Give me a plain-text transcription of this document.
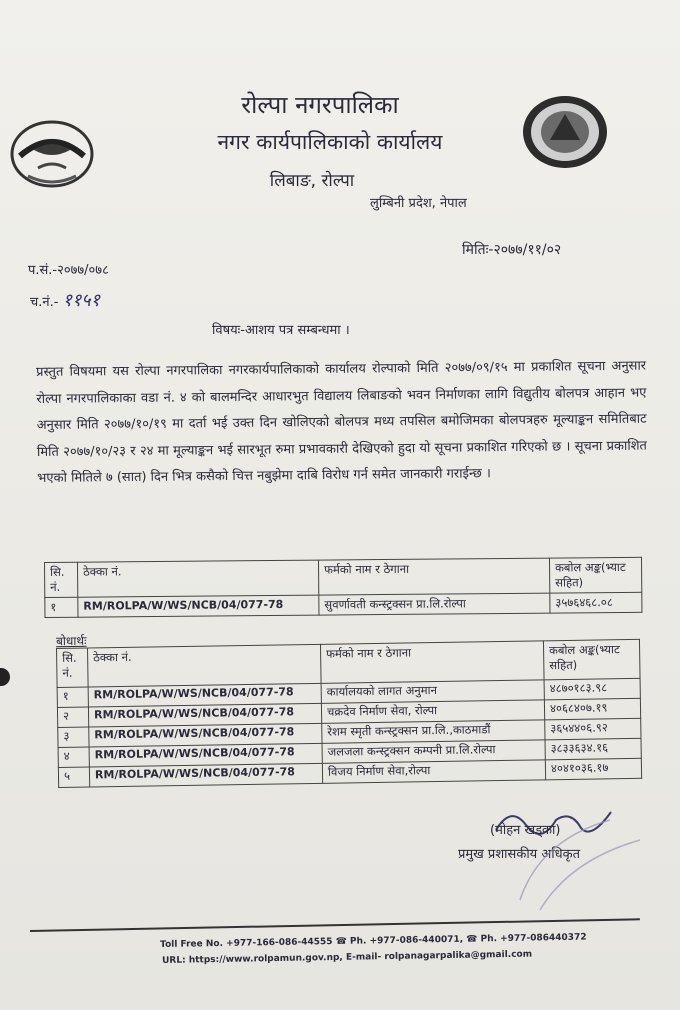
रोल्पा नगरपालिका
नगर कार्यपालिकाको कार्यालय
लिबाङ, रोल्पा
लुम्बिनी प्रदेश, नेपाल
मितिः-२०७७/११/०२
प.सं.-२०७७/०७८
च.नं.- ११५१
विषयः-आशय पत्र सम्बन्धमा ।
प्रस्तुत विषयमा यस रोल्पा नगरपालिका नगरकार्यपालिकाको कार्यालय रोल्पाको मिति २०७७/०९/१५ मा प्रकाशित सूचना अनुसार रोल्पा नगरपालिकाका वडा नं. ४ को बालमन्दिर आधारभुत विद्यालय लिबाङको भवन निर्माणका लागि विद्युतीय बोलपत्र आहान भए अनुसार मिति २०७७/१०/१९ मा दर्ता भई उक्त दिन खोलिएको बोलपत्र मध्य तपसिल बमोजिमका बोलपत्रहरु मूल्याङ्कन समितिबाट मिति २०७७/१०/२३ र २४ मा मूल्याङ्कन भई सारभूत रुमा प्रभावकारी देखिएको हुदा यो सूचना प्रकाशित गरिएको छ । सूचना प्रकाशित भएको मितिले ७ (सात) दिन भित्र कसैको चित्त नबुझेमा दाबि विरोध गर्न समेत जानकारी गराईन्छ ।
सि. नं.	ठेक्का नं.	फर्मको नाम र ठेगाना	कबोल अङ्क(भ्याट सहित)
१	RM/ROLPA/W/WS/NCB/04/077-78	सुवर्णावती कन्स्ट्रक्सन प्रा.लि.रोल्पा	३५७६४६८.०८
बोधार्थः
सि. नं.	ठेक्का नं.	फर्मको नाम र ठेगाना	कबोल अङ्क(भ्याट सहित)
१	RM/ROLPA/W/WS/NCB/04/077-78	कार्यालयको लागत अनुमान	४८७०१८३.९८
२	RM/ROLPA/W/WS/NCB/04/077-78	चक्रदेव निर्माण सेवा, रोल्पा	४०६८४०७.१९
३	RM/ROLPA/W/WS/NCB/04/077-78	रेशम स्मृती कन्स्ट्रक्सन प्रा.लि.,काठमाडौं	३६५४४०६.९२
४	RM/ROLPA/W/WS/NCB/04/077-78	जलजला कन्स्ट्रक्सन कम्पनी प्रा.लि.रोल्पा	३८३३६३४.१६
५	RM/ROLPA/W/WS/NCB/04/077-78	विजय निर्माण सेवा,रोल्पा	४०४१०३६.१७
(मोहन खड्का)
प्रमुख प्रशासकीय अधिकृत
Toll Free No. +977-166-086-44555 ☎ Ph. +977-086-440071, ☎ Ph. +977-086440372
URL: https://www.rolpamun.gov.np, E-mail- rolpanagarpalika@gmail.com
